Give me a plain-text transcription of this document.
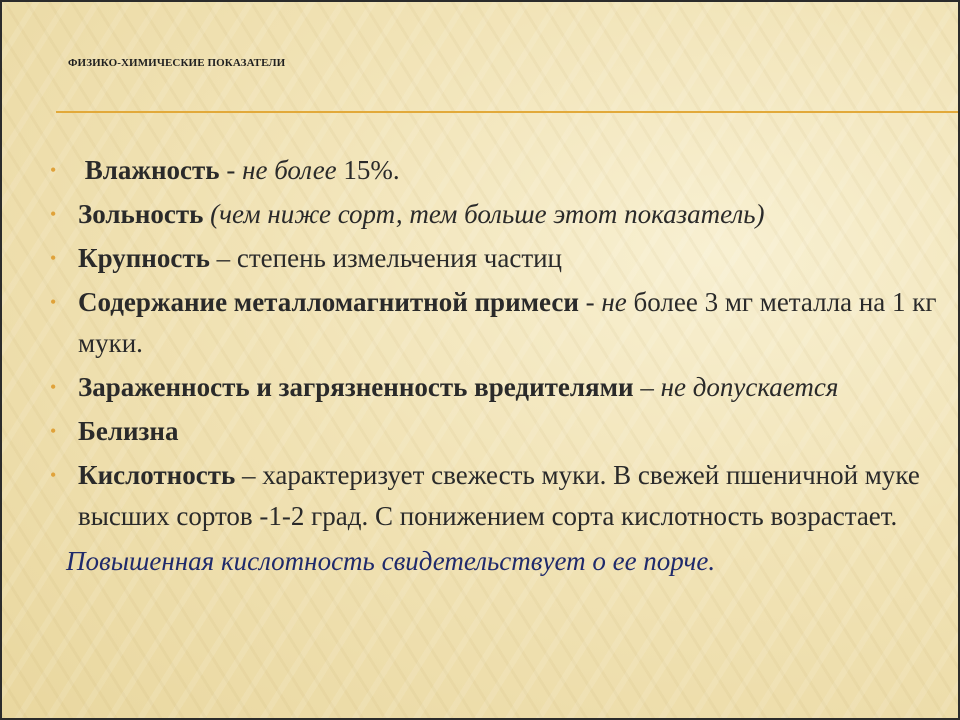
ФИЗИКО-ХИМИЧЕСКИЕ ПОКАЗАТЕЛИ
• Влажность - не более 15%.
• Зольность (чем ниже сорт, тем больше этот показатель)
• Крупность – степень измельчения частиц
• Содержание металломагнитной примеси - не более 3 мг металла на 1 кг муки.
• Зараженность и загрязненность вредителями – не допускается
• Белизна
• Кислотность – характеризует свежесть муки. В свежей пшеничной муке высших сортов -1-2 град. С понижением сорта кислотность возрастает.
Повышенная кислотность свидетельствует о ее порче.
